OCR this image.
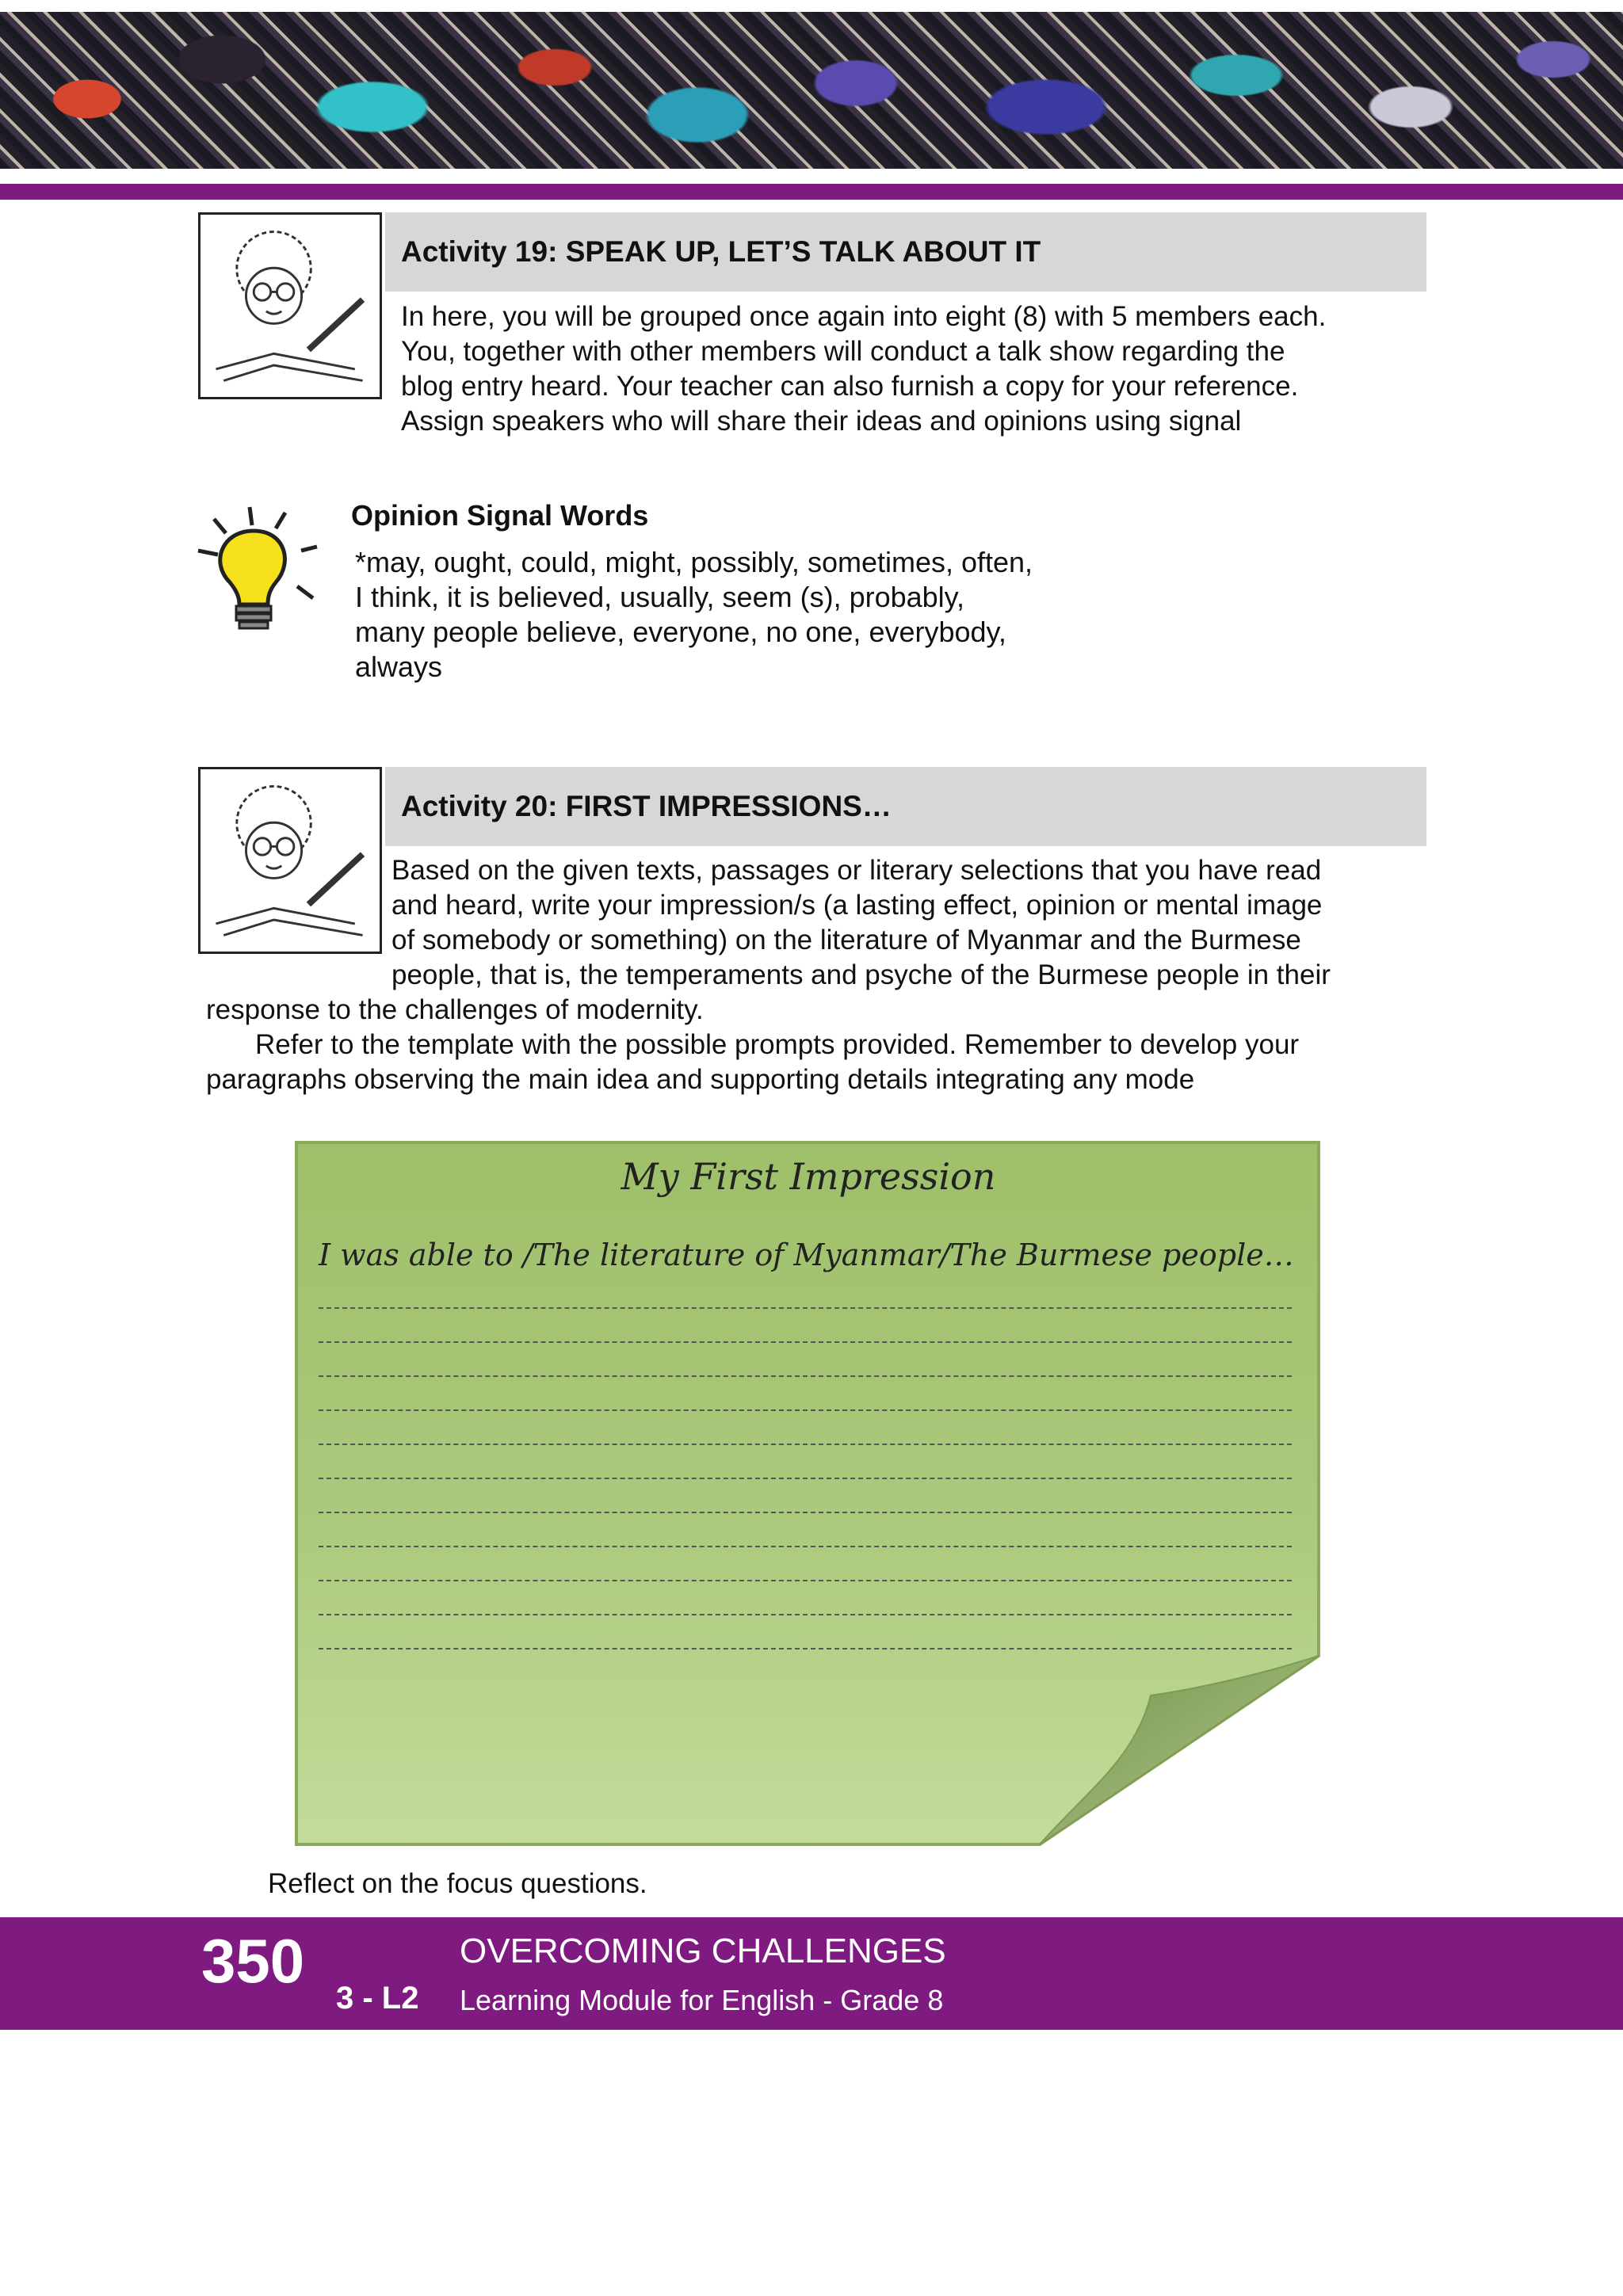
Activity 19: SPEAK UP, LET’S TALK ABOUT IT
In here, you will be grouped once again into eight (8) with 5 members each.
You, together with other members will conduct a talk show regarding the
blog entry heard. Your teacher can also furnish a copy for your reference.
Assign speakers who will share their ideas and opinions using signal
Opinion Signal Words
*may, ought, could, might, possibly, sometimes, often,
I think, it is believed, usually, seem (s), probably,
many people believe, everyone, no one, everybody,
always
Activity 20: FIRST IMPRESSIONS…
Based on the given texts, passages or literary selections that you have read
and heard, write your impression/s (a lasting effect, opinion or mental image
of somebody or something) on the literature of Myanmar and the Burmese
people, that is, the temperaments and psyche of the Burmese people in their
response to the challenges of modernity.
Refer to the template with the possible prompts provided. Remember to develop your
paragraphs observing the main idea and supporting details integrating any mode
My First Impression
I was able to /The literature of Myanmar/The Burmese people…
Reflect on the focus questions.
350
3 - L2
OVERCOMING CHALLENGES
Learning Module for English - Grade 8
